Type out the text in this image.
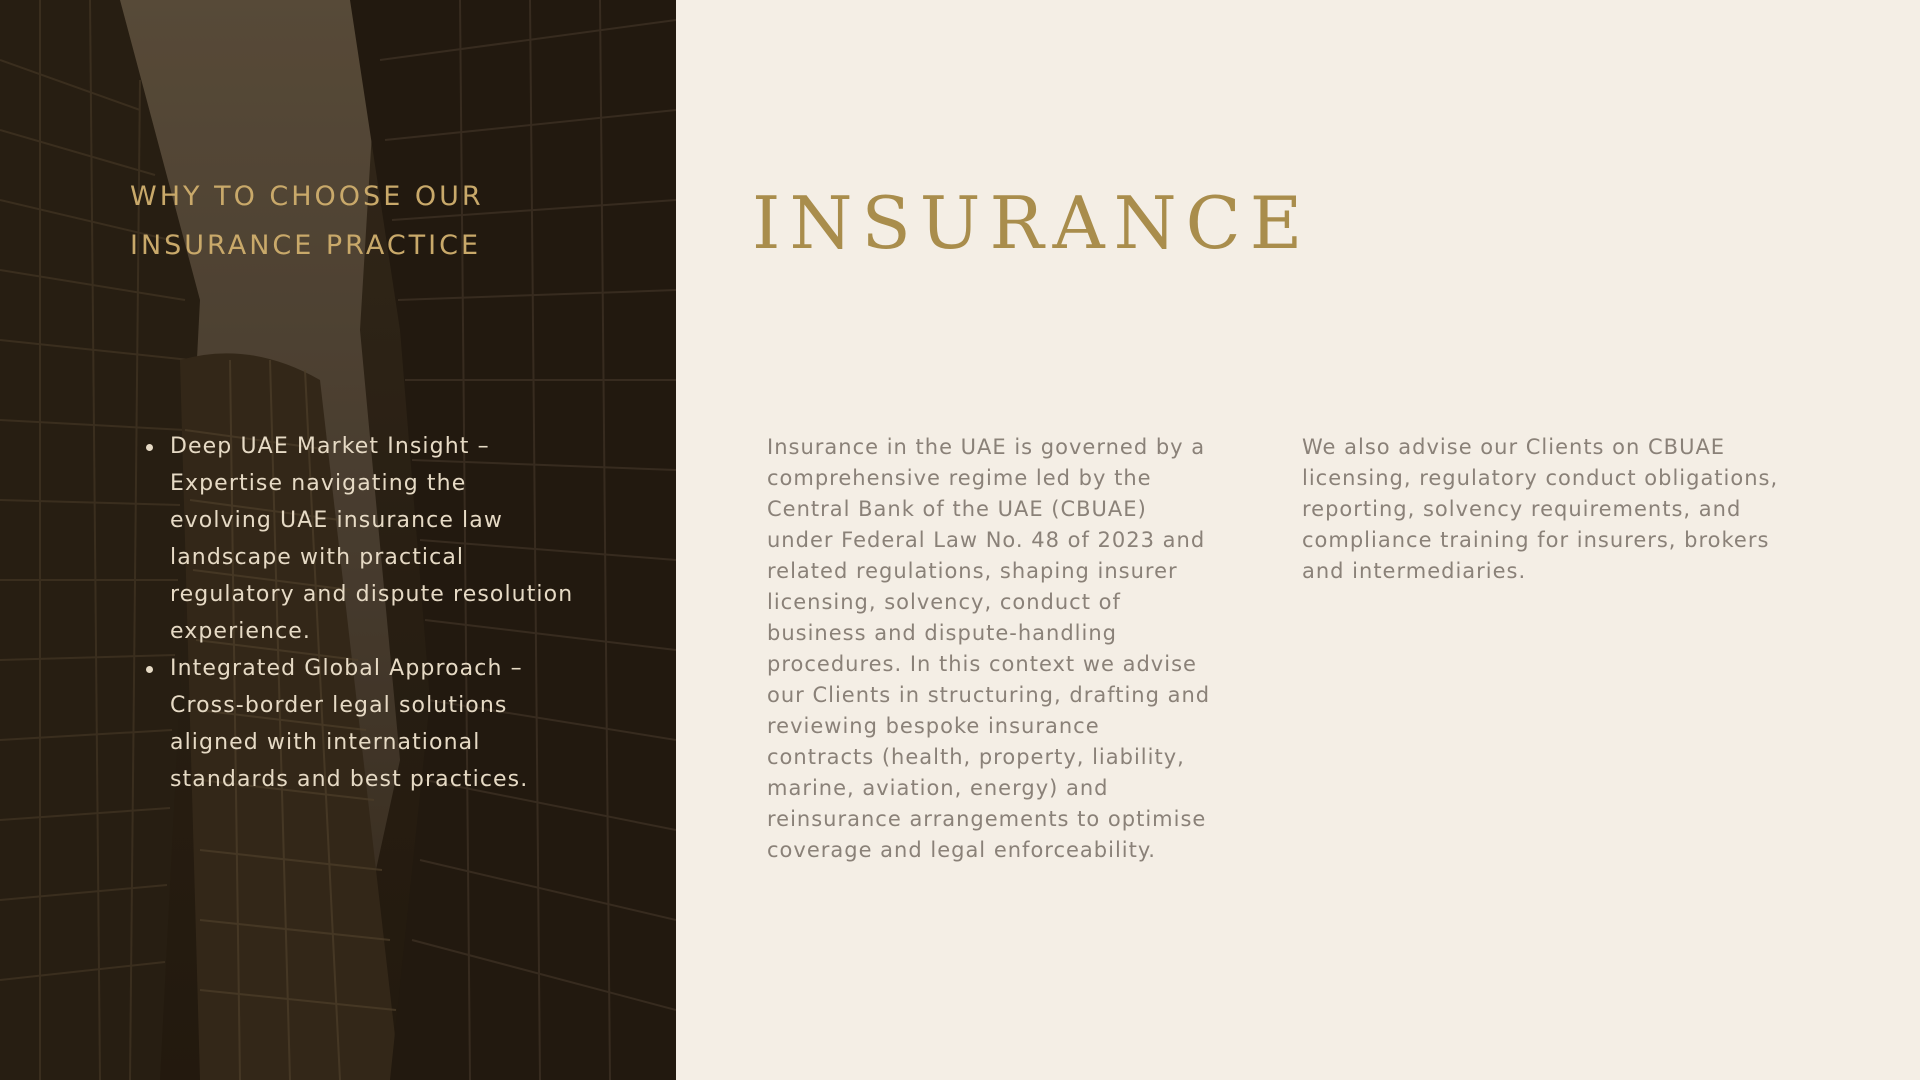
WHY TO CHOOSE OUR
INSURANCE PRACTICE
Deep UAE Market Insight – Expertise navigating the evolving UAE insurance law landscape with practical regulatory and dispute resolution experience.
Integrated Global Approach – Cross-border legal solutions aligned with international standards and best practices.
INSURANCE

Insurance in the UAE is governed by a comprehensive regime led by the Central Bank of the UAE (CBUAE) under Federal Law No. 48 of 2023 and related regulations, shaping insurer licensing, solvency, conduct of business and dispute-handling procedures. In this context we advise our Clients in structuring, drafting and reviewing bespoke insurance contracts (health, property, liability, marine, aviation, energy) and reinsurance arrangements to optimise coverage and legal enforceability.

We also advise our Clients on CBUAE licensing, regulatory conduct obligations, reporting, solvency requirements, and compliance training for insurers, brokers and intermediaries.
